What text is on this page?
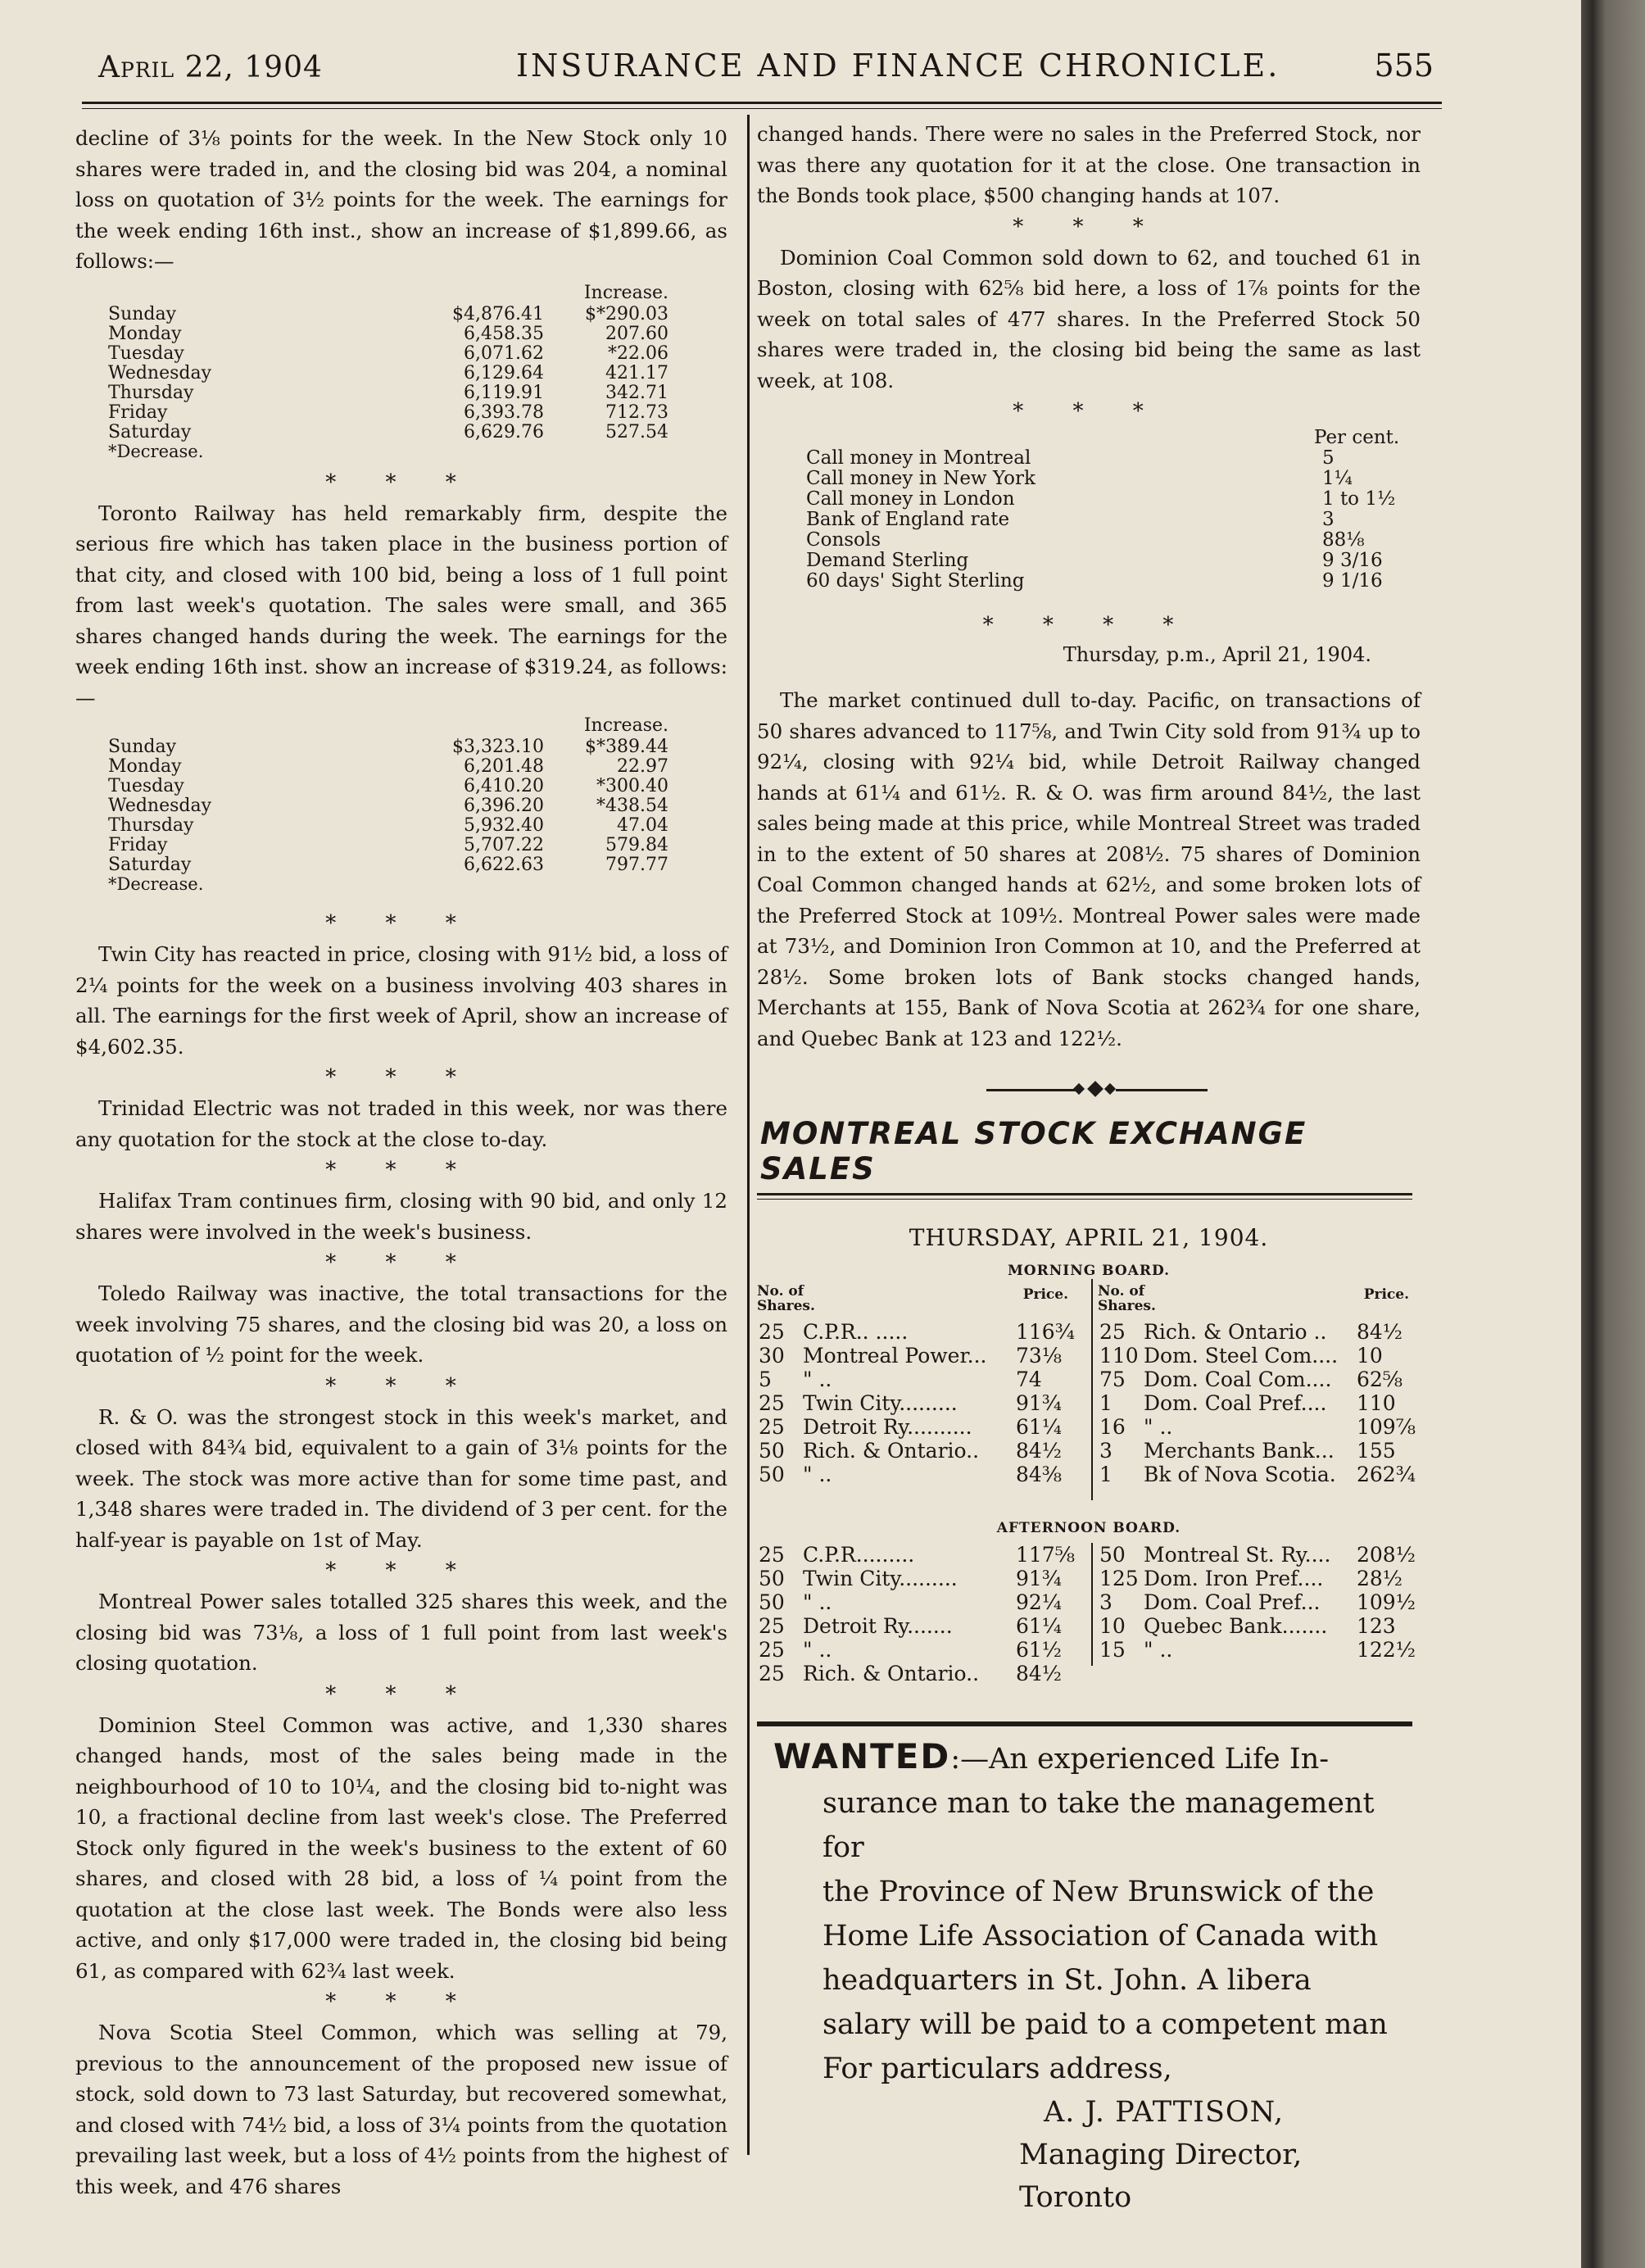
April 22, 1904	INSURANCE AND FINANCE CHRONICLE.	555

decline of 3⅛ points for the week. In the New Stock only 10 shares were traded in, and the closing bid was 204, a nominal loss on quotation of 3½ points for the week. The earnings for the week ending 16th inst., show an increase of $1,899.66, as follows:—

		Increase.
Sunday	$4,876.41	$*290.03
Monday	6,458.35	207.60
Tuesday	6,071.62	*22.06
Wednesday	6,129.64	421.17
Thursday	6,119.91	342.71
Friday	6,393.78	712.73
Saturday	6,629.76	527.54
*Decrease.
* * *

Toronto Railway has held remarkably firm, despite the serious fire which has taken place in the business portion of that city, and closed with 100 bid, being a loss of 1 full point from last week's quotation. The sales were small, and 365 shares changed hands during the week. The earnings for the week ending 16th inst. show an increase of $319.24, as follows:—

		Increase.
Sunday	$3,323.10	$*389.44
Monday	6,201.48	22.97
Tuesday	6,410.20	*300.40
Wednesday	6,396.20	*438.54
Thursday	5,932.40	47.04
Friday	5,707.22	579.84
Saturday	6,622.63	797.77
*Decrease.
* * *

Twin City has reacted in price, closing with 91½ bid, a loss of 2¼ points for the week on a business involving 403 shares in all. The earnings for the first week of April, show an increase of $4,602.35.

* * *

Trinidad Electric was not traded in this week, nor was there any quotation for the stock at the close to-day.

* * *

Halifax Tram continues firm, closing with 90 bid, and only 12 shares were involved in the week's business.

* * *

Toledo Railway was inactive, the total transactions for the week involving 75 shares, and the closing bid was 20, a loss on quotation of ½ point for the week.

* * *

R. & O. was the strongest stock in this week's market, and closed with 84¾ bid, equivalent to a gain of 3⅛ points for the week. The stock was more active than for some time past, and 1,348 shares were traded in. The dividend of 3 per cent. for the half-year is payable on 1st of May.

* * *

Montreal Power sales totalled 325 shares this week, and the closing bid was 73⅛, a loss of 1 full point from last week's closing quotation.

* * *

Dominion Steel Common was active, and 1,330 shares changed hands, most of the sales being made in the neighbourhood of 10 to 10¼, and the closing bid to-night was 10, a fractional decline from last week's close. The Preferred Stock only figured in the week's business to the extent of 60 shares, and closed with 28 bid, a loss of ¼ point from the quotation at the close last week. The Bonds were also less active, and only $17,000 were traded in, the closing bid being 61, as compared with 62¾ last week.

* * *

Nova Scotia Steel Common, which was selling at 79, previous to the announcement of the proposed new issue of stock, sold down to 73 last Saturday, but recovered somewhat, and closed with 74½ bid, a loss of 3¼ points from the quotation prevailing last week, but a loss of 4½ points from the highest of this week, and 476 shares

changed hands. There were no sales in the Preferred Stock, nor was there any quotation for it at the close. One transaction in the Bonds took place, $500 changing hands at 107.

* * *

Dominion Coal Common sold down to 62, and touched 61 in Boston, closing with 62⅝ bid here, a loss of 1⅞ points for the week on total sales of 477 shares. In the Preferred Stock 50 shares were traded in, the closing bid being the same as last week, at 108.

* * *
Per cent.
Call money in Montreal	5
Call money in New York	1¼
Call money in London	1 to 1½
Bank of England rate	3
Consols	88⅛
Demand Sterling	9 3/16
60 days' Sight Sterling	9 1/16
* * * *
Thursday, p.m., April 21, 1904.

The market continued dull to-day. Pacific, on transactions of 50 shares advanced to 117⅝, and Twin City sold from 91¾ up to 92¼, closing with 92¼ bid, while Detroit Railway changed hands at 61¼ and 61½. R. & O. was firm around 84½, the last sales being made at this price, while Montreal Street was traded in to the extent of 50 shares at 208½. 75 shares of Dominion Coal Common changed hands at 62½, and some broken lots of the Preferred Stock at 109½. Montreal Power sales were made at 73½, and Dominion Iron Common at 10, and the Preferred at 28½. Some broken lots of Bank stocks changed hands, Merchants at 155, Bank of Nova Scotia at 262¾ for one share, and Quebec Bank at 123 and 122½.

MONTREAL STOCK EXCHANGE SALES
THURSDAY, APRIL 21, 1904.
MORNING BOARD.
No. of Shares.
Price.
25 C.P.R.. .....	116¾
30 Montreal Power... 73⅛
5	" ..	74
25 Twin City.........	91¾
25 Detroit Ry.......... 61¼
50 Rich. & Ontario.. 84½
50 " ..	84⅜
No. of Shares.
Price.
25 Rich. & Ontario .. 84½
110 Dom. Steel Com.... 10
75 Dom. Coal Com.... 62⅝
1	Dom. Coal Pref.... 110
16 " ..	109⅞
3	Merchants Bank... 155
1	Bk of Nova Scotia. 262¾
AFTERNOON BOARD.
25 C.P.R.........	117⅝
50 Twin City.........	91¾
50 " ..	92¼
25 Detroit Ry.......	61¼
25 " ..	61½
25 Rich. & Ontario.. 84½
50 Montreal St. Ry.... 208½
125 Dom. Iron Pref.... 28½
3	Dom. Coal Pref... 109½
10 Quebec Bank....... 123
15 " ..	122½
WANTED:—An experienced Life In-
surance man to take the management for
the Province of New Brunswick of the
Home Life Association of Canada with
headquarters in St. John. A libera
salary will be paid to a competent man
For particulars address,
A. J. PATTISON,
Managing Director, Toronto
